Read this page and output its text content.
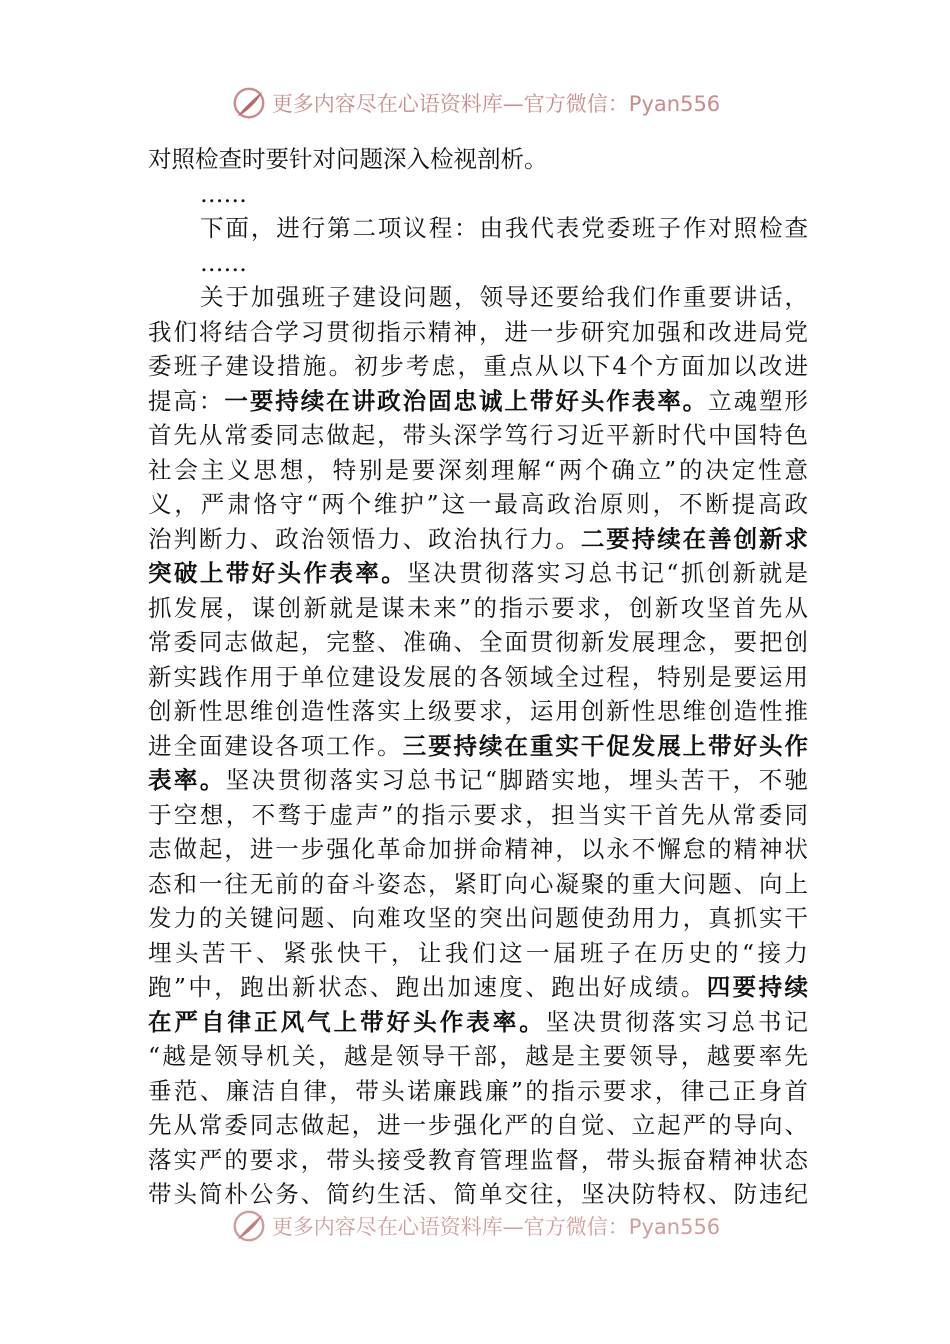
更多内容尽在心语资料库—官方微信：Pyan556
对照检查时要针对问题深入检视剖析。
……
下面，进行第二项议程：由我代表党委班子作对照检查
……
关于加强班子建设问题，领导还要给我们作重要讲话，
我们将结合学习贯彻指示精神，进一步研究加强和改进局党
委班子建设措施。初步考虑，重点从以下4个方面加以改进
提高：一要持续在讲政治固忠诚上带好头作表率。立魂塑形
首先从常委同志做起，带头深学笃行习近平新时代中国特色
社会主义思想，特别是要深刻理解“两个确立”的决定性意
义，严肃恪守“两个维护”这一最高政治原则，不断提高政
治判断力、政治领悟力、政治执行力。二要持续在善创新求
突破上带好头作表率。坚决贯彻落实习总书记“抓创新就是
抓发展，谋创新就是谋未来”的指示要求，创新攻坚首先从
常委同志做起，完整、准确、全面贯彻新发展理念，要把创
新实践作用于单位建设发展的各领域全过程，特别是要运用
创新性思维创造性落实上级要求，运用创新性思维创造性推
进全面建设各项工作。三要持续在重实干促发展上带好头作
表率。坚决贯彻落实习总书记“脚踏实地，埋头苦干，不驰
于空想，不骛于虚声”的指示要求，担当实干首先从常委同
志做起，进一步强化革命加拼命精神，以永不懈怠的精神状
态和一往无前的奋斗姿态，紧盯向心凝聚的重大问题、向上
发力的关键问题、向难攻坚的突出问题使劲用力，真抓实干
埋头苦干、紧张快干，让我们这一届班子在历史的“接力
跑”中，跑出新状态、跑出加速度、跑出好成绩。四要持续
在严自律正风气上带好头作表率。坚决贯彻落实习总书记
“越是领导机关，越是领导干部，越是主要领导，越要率先
垂范、廉洁自律，带头诺廉践廉”的指示要求，律己正身首
先从常委同志做起，进一步强化严的自觉、立起严的导向、
落实严的要求，带头接受教育管理监督，带头振奋精神状态
带头简朴公务、简约生活、简单交往，坚决防特权、防违纪
更多内容尽在心语资料库—官方微信：Pyan556
